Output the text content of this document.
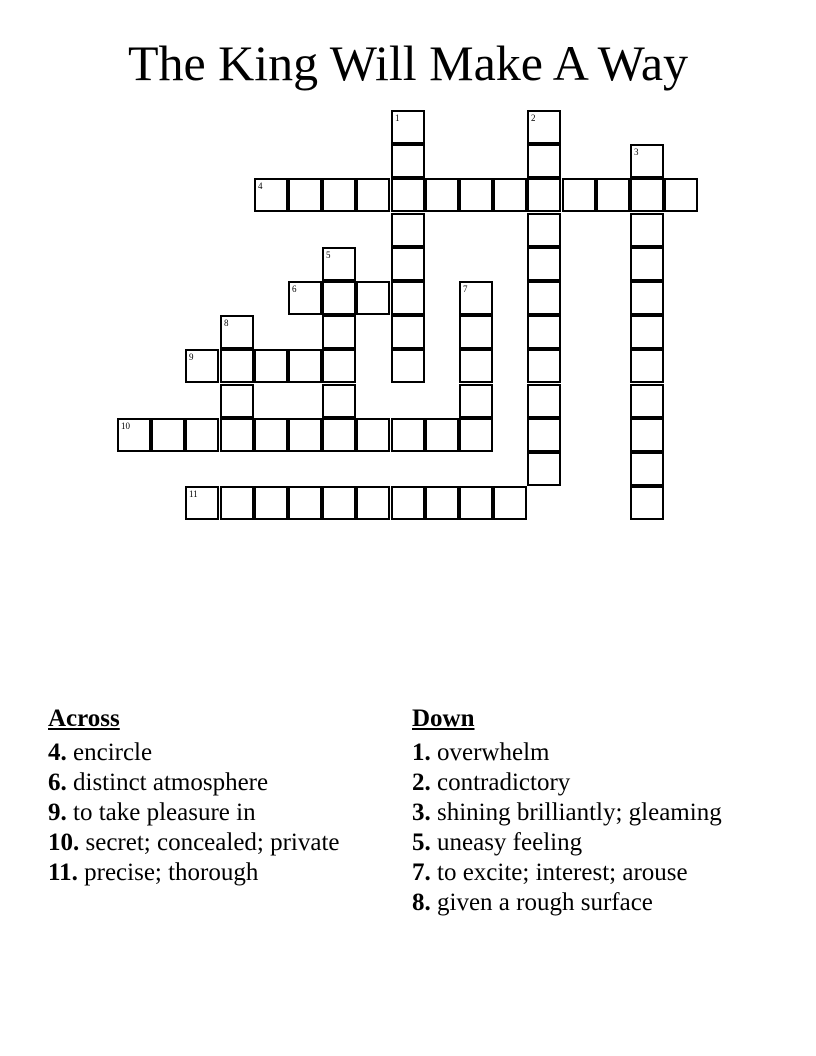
The King Will Make A Way
1	2
3
4
5
6	7
8
9
10
11
Across
4. encircle
6. distinct atmosphere
9. to take pleasure in
10. secret; concealed; private
11. precise; thorough
Down
1. overwhelm
2. contradictory
3. shining brilliantly; gleaming
5. uneasy feeling
7. to excite; interest; arouse
8. given a rough surface
